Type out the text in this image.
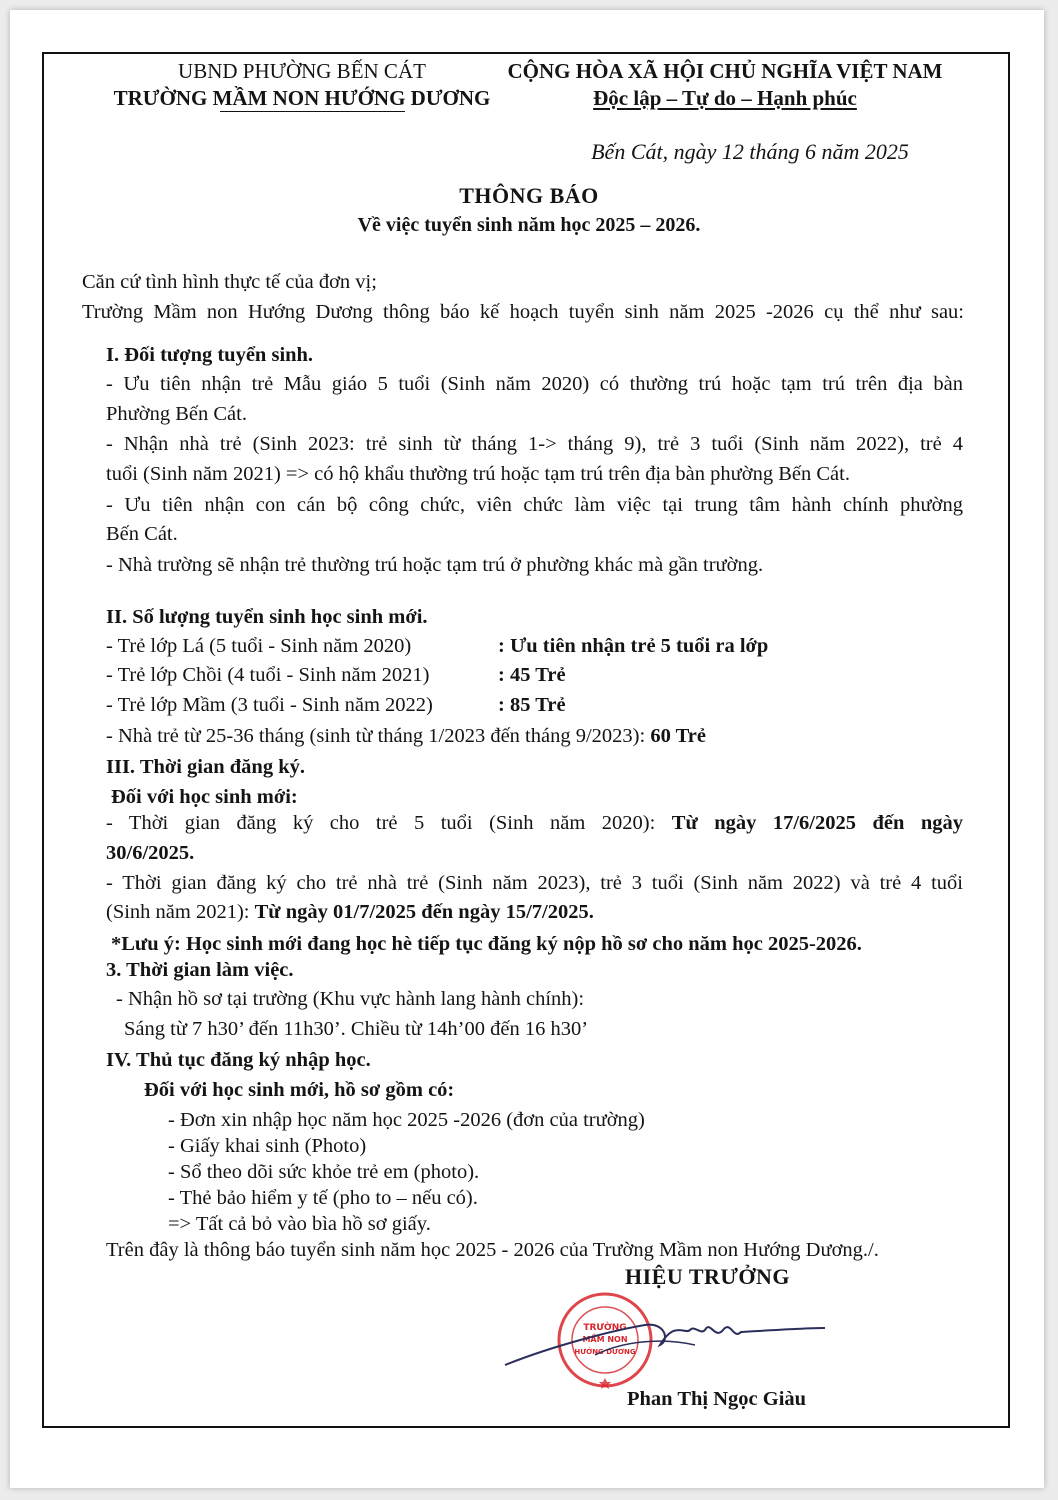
UBND PHƯỜNG BẾN CÁT
TRƯỜNG MẦM NON HƯỚNG DƯƠNG
CỘNG HÒA XÃ HỘI CHỦ NGHĨA VIỆT NAM
Độc lập – Tự do – Hạnh phúc
Bến Cát, ngày 12 tháng 6 năm 2025
THÔNG BÁO
Về việc tuyển sinh năm học 2025 – 2026.
Căn cứ tình hình thực tế của đơn vị;
Trường Mầm non Hướng Dương thông báo kế hoạch tuyển sinh năm 2025 -2026 cụ thể như sau:
I. Đối tượng tuyển sinh.
- Ưu tiên nhận trẻ Mẫu giáo 5 tuổi (Sinh năm 2020) có thường trú hoặc tạm trú trên địa bàn
Phường Bến Cát.
- Nhận nhà trẻ (Sinh 2023: trẻ sinh từ tháng 1-> tháng 9), trẻ 3 tuổi (Sinh năm 2022), trẻ 4
tuổi (Sinh năm 2021) => có hộ khẩu thường trú hoặc tạm trú trên địa bàn phường Bến Cát.
- Ưu tiên nhận con cán bộ công chức, viên chức làm việc tại trung tâm hành chính phường
Bến Cát.
- Nhà trường sẽ nhận trẻ thường trú hoặc tạm trú ở phường khác mà gần trường.
II. Số lượng tuyển sinh học sinh mới.
- Trẻ lớp Lá (5 tuổi - Sinh năm 2020)	: Ưu tiên nhận trẻ 5 tuổi ra lớp
- Trẻ lớp Chồi (4 tuổi - Sinh năm 2021)	: 45 Trẻ
- Trẻ lớp Mầm (3 tuổi - Sinh năm 2022)	: 85 Trẻ
- Nhà trẻ từ 25-36 tháng (sinh từ tháng 1/2023 đến tháng 9/2023): 60 Trẻ
III. Thời gian đăng ký.
Đối với học sinh mới:
- Thời gian đăng ký cho trẻ 5 tuổi (Sinh năm 2020): Từ ngày 17/6/2025 đến ngày
30/6/2025.
- Thời gian đăng ký cho trẻ nhà trẻ (Sinh năm 2023), trẻ 3 tuổi (Sinh năm 2022) và trẻ 4 tuổi
(Sinh năm 2021): Từ ngày 01/7/2025 đến ngày 15/7/2025.
*Lưu ý: Học sinh mới đang học hè tiếp tục đăng ký nộp hồ sơ cho năm học 2025-2026.
3. Thời gian làm việc.
- Nhận hồ sơ tại trường (Khu vực hành lang hành chính):
Sáng từ 7 h30’ đến 11h30’. Chiều từ 14h’00 đến 16 h30’
IV. Thủ tục đăng ký nhập học.
Đối với học sinh mới, hồ sơ gồm có:
- Đơn xin nhập học năm học 2025 -2026 (đơn của trường)
- Giấy khai sinh (Photo)
- Sổ theo dõi sức khỏe trẻ em (photo).
- Thẻ bảo hiểm y tế (pho to – nếu có).
=> Tất cả bỏ vào bìa hồ sơ giấy.
Trên đây là thông báo tuyển sinh năm học 2025 - 2026 của Trường Mầm non Hướng Dương./.
HIỆU TRƯỞNG
TRƯỜNG
MẦM NON
HƯỚNG DƯƠNG
Phan Thị Ngọc Giàu
